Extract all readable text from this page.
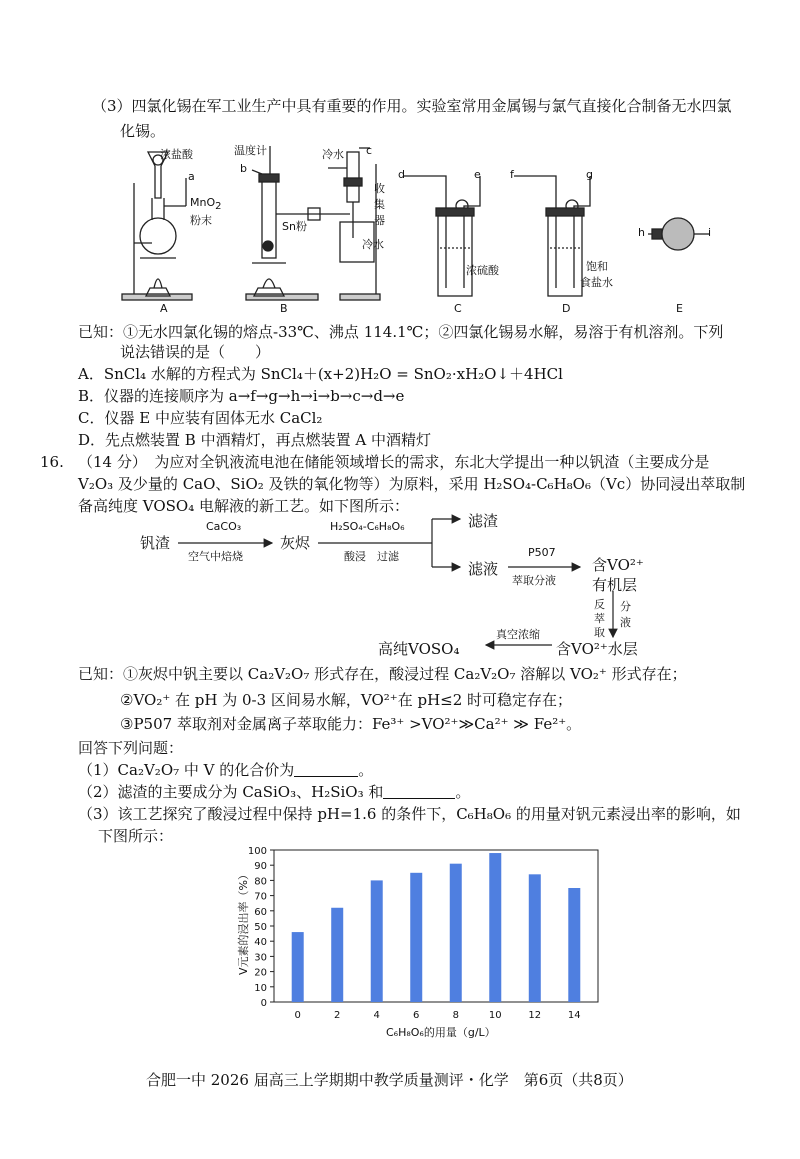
（3）四氯化锡在军工业生产中具有重要的作用。实验室常用金属锡与氯气直接化合制备无水四氯
化锡。
浓盐酸
a
MnO$_2$
粉末
温度计
b
Sn粉
冷水 c
收
集
器
冷水
d	e
浓硫酸
f	g
饱和
食盐水
h	i
A	B	C	D	E
已知：①无水四氯化锡的熔点-33℃、沸点 114.1℃；②四氯化锡易水解，易溶于有机溶剂。下列
说法错误的是（　　）
A．SnCl₄ 水解的方程式为 SnCl₄＋(x+2)H₂O = SnO₂·xH₂O↓＋4HCl
B．仪器的连接顺序为 a→f→g→h→i→b→c→d→e
C．仪器 E 中应装有固体无水 CaCl₂
D．先点燃装置 B 中酒精灯，再点燃装置 A 中酒精灯
16. （14 分）　为应对全钒液流电池在储能领域增长的需求，东北大学提出一种以钒渣（主要成分是
V₂O₃ 及少量的 CaO、SiO₂ 及铁的氧化物等）为原料，采用 H₂SO₄-C₆H₈O₆（Vc）协同浸出萃取制
备高纯度 VOSO₄ 电解液的新工艺。如下图所示：
钒渣
CaCO₃
空气中焙烧
灰烬
H₂SO₄-C₆H₈O₆
酸浸　过滤
滤渣
滤液
P507
萃取分液
含VO²⁺
有机层
反
萃
取
分
液
含VO²⁺水层
真空浓缩
高纯VOSO₄
已知：①灰烬中钒主要以 Ca₂V₂O₇ 形式存在，酸浸过程 Ca₂V₂O₇ 溶解以 VO₂⁺ 形式存在；
②VO₂⁺ 在 pH 为 0-3 区间易水解，VO²⁺在 pH≤2 时可稳定存在；
③P507 萃取剂对金属离子萃取能力：Fe³⁺ >VO²⁺≫Ca²⁺ ≫ Fe²⁺。
回答下列问题：
（1）Ca₂V₂O₇ 中 V 的化合价为	。
（2）滤渣的主要成分为 CaSiO₃、H₂SiO₃ 和	。
（3）该工艺探究了酸浸过程中保持 pH=1.6 的条件下，C₆H₈O₆ 的用量对钒元素浸出率的影响，如
下图所示：
0
10
20
30
40
50
60
70
80
90
100
0	2	4	6	8	10	12	14
C₆H₈O₆的用量（g/L）
V元素的浸出率（%）
合肥一中 2026 届高三上学期期中教学质量测评・化学　第6页（共8页）
